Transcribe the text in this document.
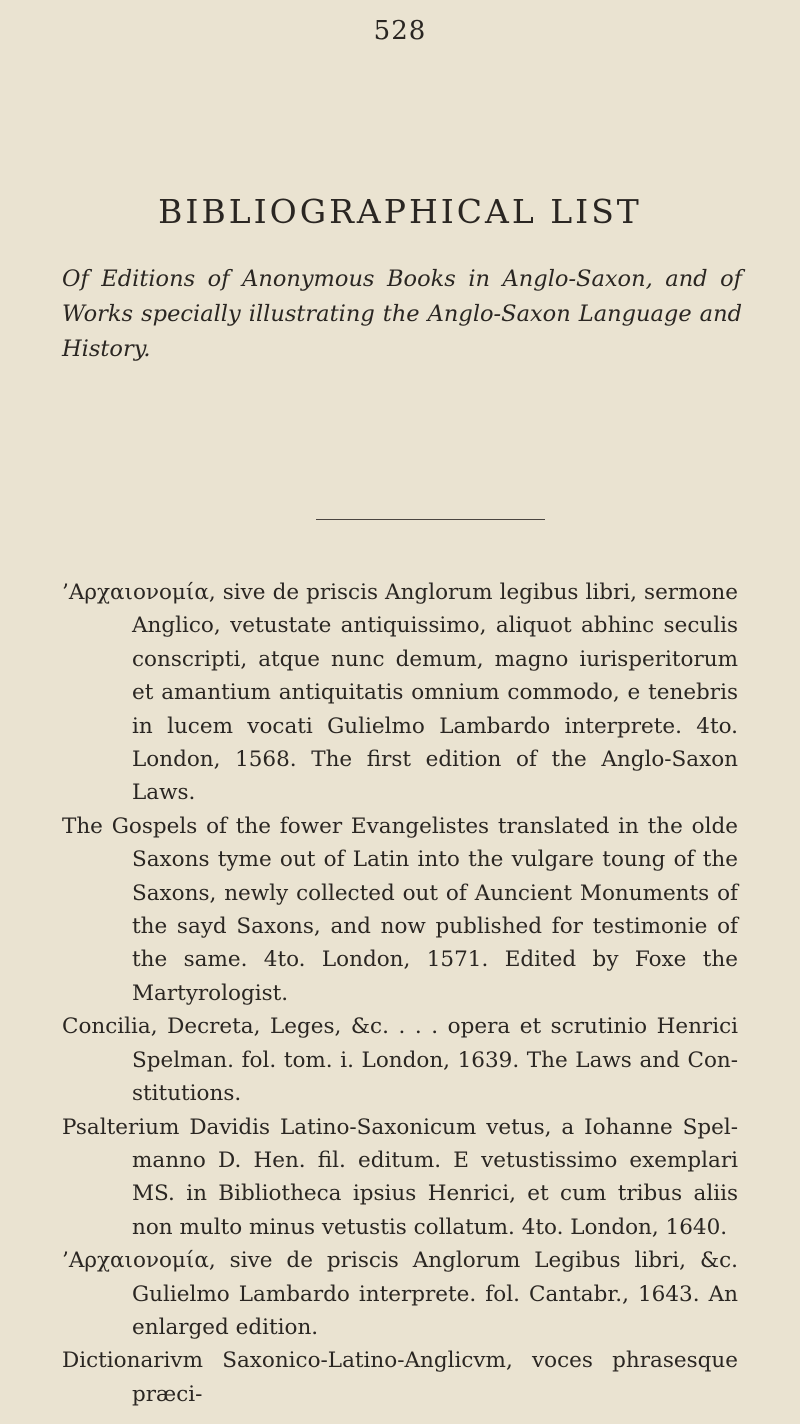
528
BIBLIOGRAPHICAL LIST
Of Editions of Anonymous Books in Anglo-Saxon, and of Works specially illustrating the Anglo-Saxon Language and History.

’Αρχαιονομία, sive de priscis Anglorum legibus libri, sermone Anglico, vetustate antiquissimo, aliquot abhinc seculis conscripti, atque nunc demum, magno iurisperitorum et amantium antiquitatis omnium commodo, e tenebris in lucem vocati Gulielmo Lambardo interprete. 4to. London, 1568. The first edition of the Anglo-Saxon Laws.

The Gospels of the fower Evangelistes translated in the olde Saxons tyme out of Latin into the vulgare toung of the Saxons, newly collected out of Auncient Monuments of the sayd Saxons, and now published for testimonie of the same. 4to. London, 1571. Edited by Foxe the Martyrologist.

Concilia, Decreta, Leges, &c. . . . opera et scrutinio Henrici Spelman. fol. tom. i. London, 1639. The Laws and Constitutions.

Psalterium Davidis Latino-Saxonicum vetus, a Iohanne Spelmanno D. Hen. fil. editum. E vetustissimo exemplari MS. in Bibliotheca ipsius Henrici, et cum tribus aliis non multo minus vetustis collatum. 4to. London, 1640.

’Αρχαιονομία, sive de priscis Anglorum Legibus libri, &c. Gulielmo Lambardo interprete. fol. Cantabr., 1643. An enlarged edition.

Dictionarivm Saxonico-Latino-Anglicvm, voces phrasesque præci-
